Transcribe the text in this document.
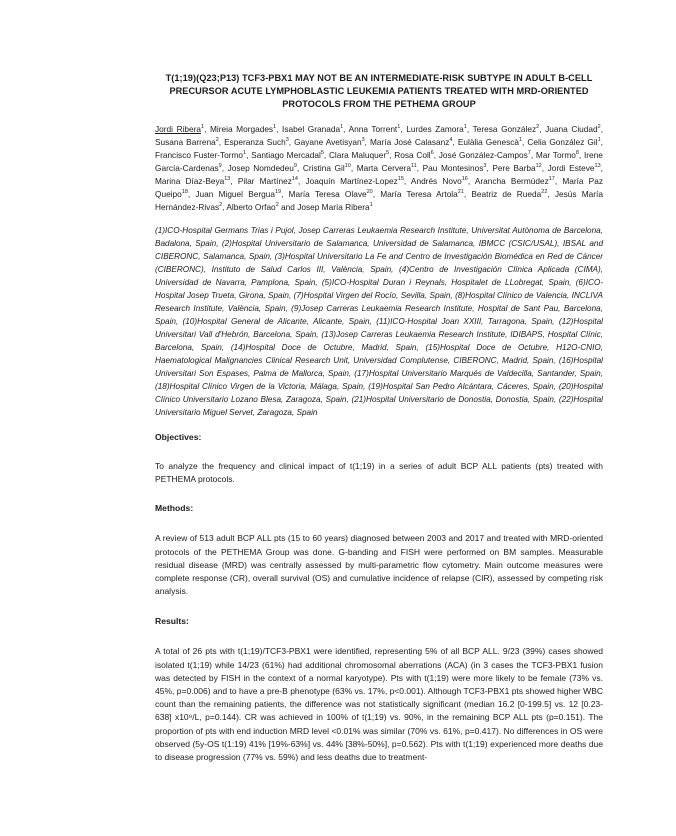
T(1;19)(Q23;P13) TCF3-PBX1 MAY NOT BE AN INTERMEDIATE-RISK SUBTYPE IN ADULT B-CELL PRECURSOR ACUTE LYMPHOBLASTIC LEUKEMIA PATIENTS TREATED WITH MRD-ORIENTED PROTOCOLS FROM THE PETHEMA GROUP

Jordi Ribera$^1$, Mireia Morgades$^1$, Isabel Granada$^1$, Anna Torrent$^1$, Lurdes Zamora$^1$, Teresa González$^2$, Juana Ciudad$^2$, Susana Barrena$^2$, Esperanza Such$^3$, Gayane Avetisyan$^3$, María José Calasanz$^4$, Eulàlia Genescà$^1$, Celia González Gil$^1$, Francisco Fuster-Tormo$^1$, Santiago Mercadal$^5$, Clara Maluquer$^5$, Rosa Coll$^6$, José González-Campos$^7$, Mar Tormo$^8$, Irene García-Cardenas$^9$, Josep Nomdedeu$^9$, Cristina Gil$^{10}$, Marta Cervera$^{11}$, Pau Montesinos$^3$, Pere Barba$^{12}$, Jordi Esteve$^{13}$, Marina Díaz-Beya$^{13}$, Pilar Martínez$^{14}$, Joaquín Martínez-Lopez$^{15}$, Andrés Novo$^{16}$, Arancha Bermúdez$^{17}$, María Paz Queipo$^{18}$, Juan Miguel Bergua$^{19}$, María Teresa Olave$^{20}$, María Teresa Artola$^{21}$, Beatriz de Rueda$^{22}$, Jesús María Hernández-Rivas$^2$, Alberto Orfao$^2$ and Josep María Ribera$^1$
(1)ICO-Hospital Germans Trias i Pujol, Josep Carreras Leukaemia Research Institute, Universitat Autònoma de Barcelona, Badalona, Spain, (2)Hospital Universitario de Salamanca, Universidad de Salamanca, IBMCC (CSIC/USAL), IBSAL and CIBERONC, Salamanca, Spain, (3)Hospital Universitario La Fe and Centro de Investigación Biomédica en Red de Cáncer (CIBERONC), Instituto de Salud Carlos III, València, Spain, (4)Centro de Investigación Clínica Aplicada (CIMA), Universidad de Navarra, Pamplona, Spain, (5)ICO-Hospital Duran i Reynals, Hospitalet de LLobregat, Spain, (6)ICO-Hospital Josep Trueta, Girona, Spain, (7)Hospital Virgen del Rocío, Sevilla, Spain, (8)Hospital Clínico de Valencia, INCLIVA Research Institute, València, Spain, (9)Josep Carreras Leukaemia Research Institute, Hospital de Sant Pau, Barcelona, Spain, (10)Hospital General de Alicante, Alicante, Spain, (11)ICO-Hospital Joan XXIII, Tarragona, Spain, (12)Hospital Universitari Vall d'Hebrón, Barcelona, Spain, (13)Josep Carreras Leukaemia Research Institute, IDIBAPS, Hospital Clínic, Barcelona, Spain, (14)Hospital Doce de Octubre, Madrid, Spain, (15)Hospital Doce de Octubre, H12O-CNIO, Haematological Malignancies Clinical Research Unit, Universidad Complutense, CIBERONC, Madrid, Spain, (16)Hospital Universitari Son Espases, Palma de Mallorca, Spain, (17)Hospital Universitario Marqués de Valdecilla, Santander, Spain, (18)Hospital Clínico Virgen de la Victoria, Málaga, Spain, (19)Hospital San Pedro Alcántara, Cáceres, Spain, (20)Hospital Clínico Universitario Lozano Blesa, Zaragoza, Spain, (21)Hospital Universitario de Donostia, Donostia, Spain, (22)Hospital Universitario Miguel Servet, Zaragoza, Spain

Objectives:

To analyze the frequency and clinical impact of t(1;19) in a series of adult BCP ALL patients (pts) treated with PETHEMA protocols.

Methods:

A review of 513 adult BCP ALL pts (15 to 60 years) diagnosed between 2003 and 2017 and treated with MRD-oriented protocols of the PETHEMA Group was done. G-banding and FISH were performed on BM samples. Measurable residual disease (MRD) was centrally assessed by multi-parametric flow cytometry. Main outcome measures were complete response (CR), overall survival (OS) and cumulative incidence of relapse (CIR), assessed by competing risk analysis.

Results:

A total of 26 pts with t(1;19)/TCF3-PBX1 were identified, representing 5% of all BCP ALL. 9/23 (39%) cases showed isolated t(1;19) while 14/23 (61%) had additional chromosomal aberrations (ACA) (in 3 cases the TCF3-PBX1 fusion was detected by FISH in the context of a normal karyotype). Pts with t(1;19) were more likely to be female (73% vs. 45%, p=0.006) and to have a pre-B phenotype (63% vs. 17%, p<0.001). Although TCF3-PBX1 pts showed higher WBC count than the remaining patients, the difference was not statistically significant (median 16.2 [0-199.5] vs. 12 [0.23-638] x10⁹/L, p=0.144). CR was achieved in 100% of t(1;19) vs. 90%, in the remaining BCP ALL pts (p=0.151). The proportion of pts with end induction MRD level <0.01% was similar (70% vs. 61%, p=0.417). No differences in OS were observed (5y-OS t(1:19) 41% [19%-63%] vs. 44% [38%-50%], p=0.562). Pts with t(1;19) experienced more deaths due to disease progression (77% vs. 59%) and less deaths due to treatment-
